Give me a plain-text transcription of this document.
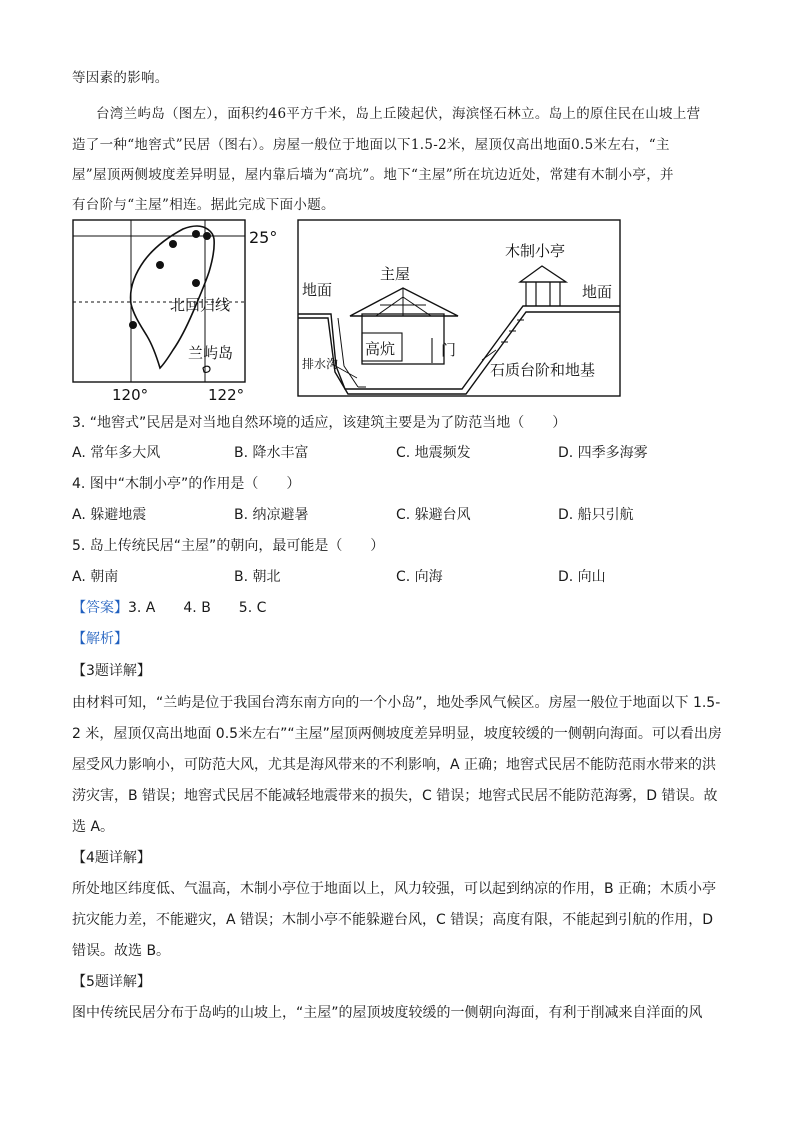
等因素的影响。
台湾兰屿岛（图左），面积约46平方千米，岛上丘陵起伏，海滨怪石林立。岛上的原住民在山坡上营
造了一种“地窖式”民居（图右）。房屋一般位于地面以下1.5-2米，屋顶仅高出地面0.5米左右，“主
屋”屋顶两侧坡度差异明显，屋内靠后墙为“高坑”。地下“主屋”所在坑边近处，常建有木制小亭，并
有台阶与“主屋”相连。据此完成下面小题。
25°
北回归线
兰屿岛
120°	122°
地面	地面
主屋
木制小亭
高炕	门
排水沟	石质台阶和地基
3. “地窖式”民居是对当地自然环境的适应，该建筑主要是为了防范当地（　　）
A. 常年多大风	B. 降水丰富	C. 地震频发	D. 四季多海雾
4. 图中“木制小亭”的作用是（　　）
A. 躲避地震	B. 纳凉避暑	C. 躲避台风	D. 船只引航
5. 岛上传统民居“主屋”的朝向，最可能是（　　）
A. 朝南	B. 朝北	C. 向海	D. 向山
【答案】3. A　　4. B　　5. C
【解析】
【3题详解】
由材料可知，“兰屿是位于我国台湾东南方向的一个小岛”，地处季风气候区。房屋一般位于地面以下 1.5-
2 米，屋顶仅高出地面 0.5米左右”“主屋”屋顶两侧坡度差异明显，坡度较缓的一侧朝向海面。可以看出房
屋受风力影响小，可防范大风，尤其是海风带来的不利影响，A 正确；地窖式民居不能防范雨水带来的洪
涝灾害，B 错误；地窖式民居不能减轻地震带来的损失，C 错误；地窖式民居不能防范海雾，D 错误。故
选 A。
【4题详解】
所处地区纬度低、气温高，木制小亭位于地面以上，风力较强，可以起到纳凉的作用，B 正确；木质小亭
抗灾能力差，不能避灾，A 错误；木制小亭不能躲避台风，C 错误；高度有限，不能起到引航的作用，D
错误。故选 B。
【5题详解】
图中传统民居分布于岛屿的山坡上，“主屋”的屋顶坡度较缓的一侧朝向海面，有利于削减来自洋面的风
